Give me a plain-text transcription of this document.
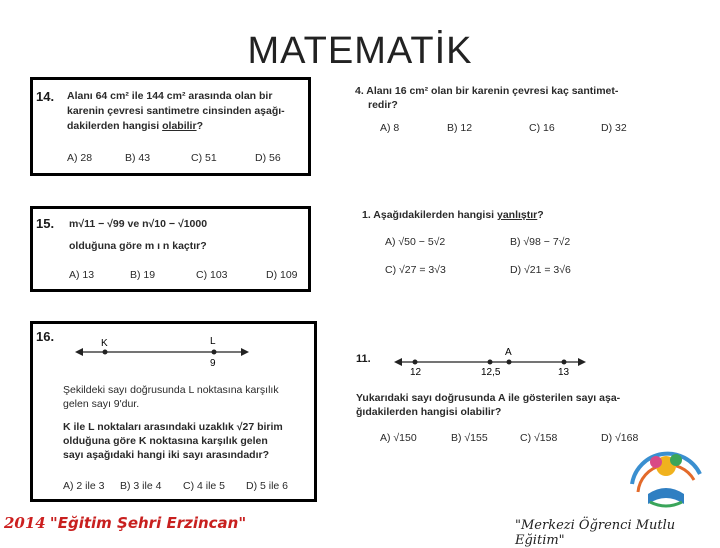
MATEMATİK
14. Alanı 64 cm² ile 144 cm² arasında olan bir
karenin çevresi santimetre cinsinden aşağı-
dakilerden hangisi olabilir?
A) 28	B) 43	C) 51	D) 56
15. m√11 − √99 ve n√10 − √1000
olduğuna göre m ı n kaçtır?
A) 13	B) 19	C) 103	D) 109
16.	K	L
9
Şekildeki sayı doğrusunda L noktasına karşılık
gelen sayı 9'dur.
K ile L noktaları arasındaki uzaklık √27 birim
olduğuna göre K noktasına karşılık gelen
sayı aşağıdaki hangi iki sayı arasındadır?
A) 2 ile 3 B) 3 ile 4 C) 4 ile 5 D) 5 ile 6
4. Alanı 16 cm² olan bir karenin çevresi kaç santimet-
redir?
A) 8	B) 12	C) 16	D) 32
1. Aşağıdakilerden hangisi yanlıştır?
A) √50 − 5√2	B) √98 − 7√2
C) √27 = 3√3	D) √21 = 3√6
11.
A
12	12,5	13
Yukarıdaki sayı doğrusunda A ile gösterilen sayı aşa-
ğıdakilerden hangisi olabilir?
A) √150	B) √155	C) √158	D) √168
2014 "Eğitim Şehri Erzincan"	"Merkezi Öğrenci Mutlu Eğitim"
